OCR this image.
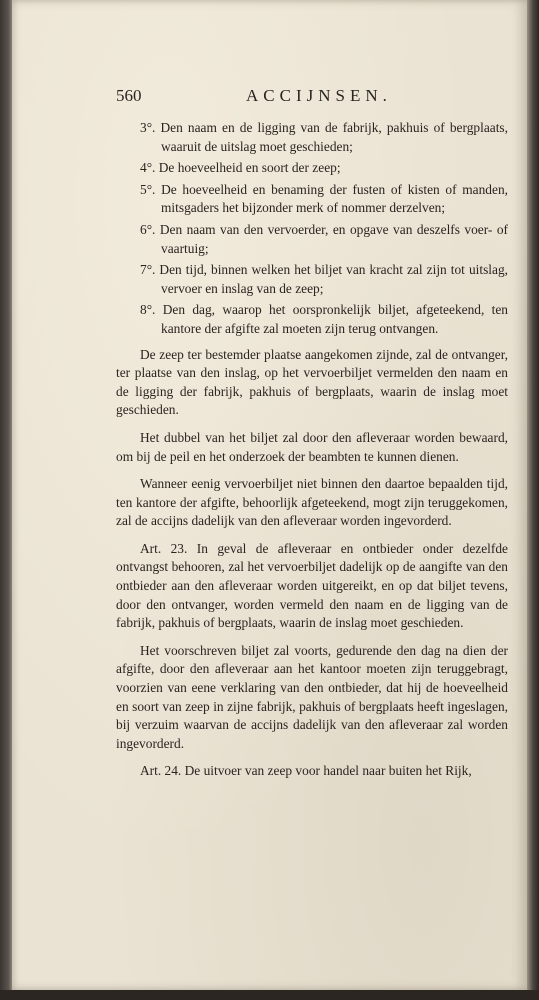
560	ACCIJNSEN.

3°. Den naam en de ligging van de fabrijk, pakhuis of bergplaats, waaruit de uitslag moet geschieden;

4°. De hoeveelheid en soort der zeep;

5°. De hoeveelheid en benaming der fusten of kisten of manden, mitsgaders het bijzonder merk of nommer derzelven;

6°. Den naam van den vervoerder, en opgave van deszelfs voer- of vaartuig;

7°. Den tijd, binnen welken het biljet van kracht zal zijn tot uitslag, vervoer en inslag van de zeep;

8°. Den dag, waarop het oorspronkelijk biljet, afgeteekend, ten kantore der afgifte zal moeten zijn terug ontvangen.

De zeep ter bestemder plaatse aangekomen zijnde, zal de ontvanger, ter plaatse van den inslag, op het vervoerbiljet vermelden den naam en de ligging der fabrijk, pakhuis of bergplaats, waarin de inslag moet geschieden.

Het dubbel van het biljet zal door den afleveraar worden bewaard, om bij de peil en het onderzoek der beambten te kunnen dienen.

Wanneer eenig vervoerbiljet niet binnen den daartoe bepaalden tijd, ten kantore der afgifte, behoorlijk afgeteekend, mogt zijn teruggekomen, zal de accijns dadelijk van den afleveraar worden ingevorderd.

Art. 23. In geval de afleveraar en ontbieder onder dezelfde ontvangst behooren, zal het vervoerbiljet dadelijk op de aangifte van den ontbieder aan den afleveraar worden uitgereikt, en op dat biljet tevens, door den ontvanger, worden vermeld den naam en de ligging van de fabrijk, pakhuis of bergplaats, waarin de inslag moet geschieden.

Het voorschreven biljet zal voorts, gedurende den dag na dien der afgifte, door den afleveraar aan het kantoor moeten zijn teruggebragt, voorzien van eene verklaring van den ontbieder, dat hij de hoeveelheid en soort van zeep in zijne fabrijk, pakhuis of bergplaats heeft ingeslagen, bij verzuim waarvan de accijns dadelijk van den afleveraar zal worden ingevorderd.

Art. 24. De uitvoer van zeep voor handel naar buiten het Rijk,
